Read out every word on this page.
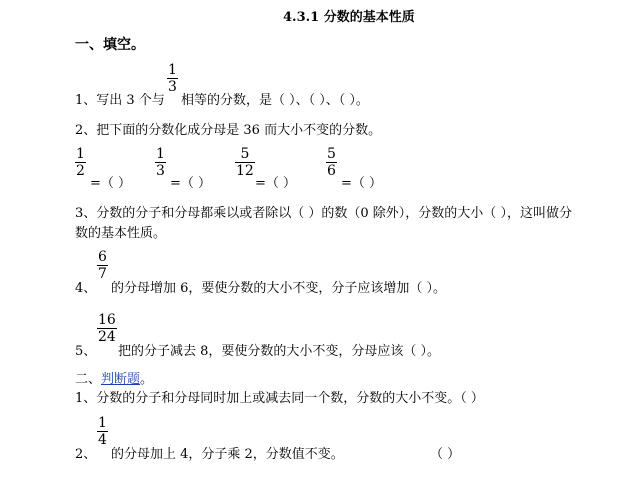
4.3.1 分数的基本性质
一、填空。
1、写出 3 个与
$\frac{1}{3}$
相等的分数，是（ ）、（ ）、（ ）。
2、把下面的分数化成分母是 36 而大小不变的分数。
$\frac{1}{2}$
=（ ）
$\frac{1}{3}$
=（ ）
$\frac{5}{12}$
=（ ）
$\frac{5}{6}$
=（ ）
3、分数的分子和分母都乘以或者除以（ ）的数（0 除外），分数的大小（ ），这叫做分
数的基本性质。
4、
$\frac{6}{7}$
的分母增加 6，要使分数的大小不变，分子应该增加（ ）。
5、
$\frac{16}{24}$
把的分子减去 8，要使分数的大小不变，分母应该（ ）。
二、判断题。
1、分数的分子和分母同时加上或减去同一个数，分数的大小不变。（ ）
2、
$\frac{1}{4}$
的分母加上 4，分子乘 2，分数值不变。	（ ）
